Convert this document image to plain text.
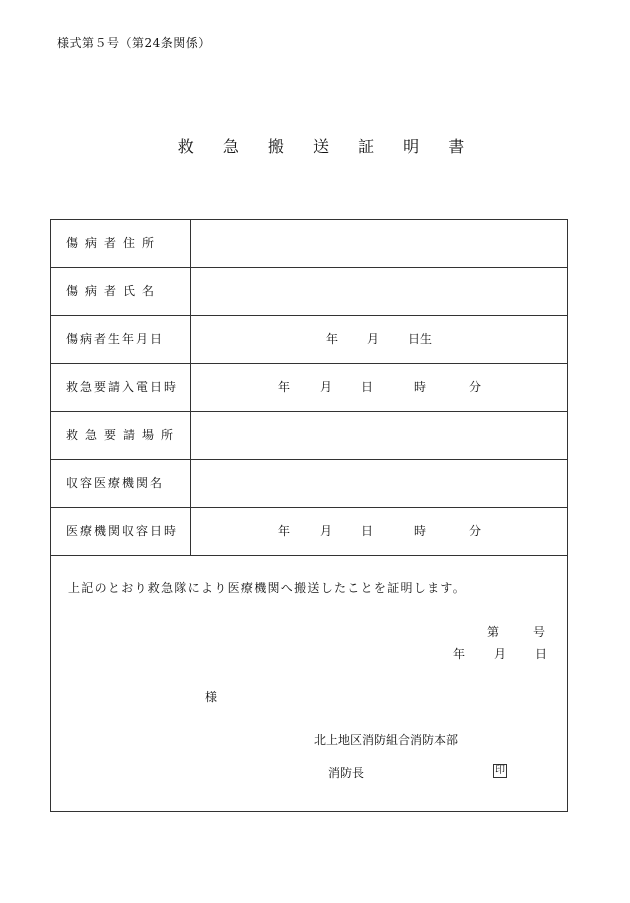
様式第５号（第24条関係）
救 急 搬 送 証 明 書
傷病者住所
傷病者氏名
傷病者生年月日	年 月 日生
救急要請入電日時	年 月 日	時	分
救急要請場所
収容医療機関名
医療機関収容日時	年 月 日	時	分
上記のとおり救急隊により医療機関へ搬送したことを証明します。
第	号
年 月 日
様
北上地区消防組合消防本部
消防長	印
